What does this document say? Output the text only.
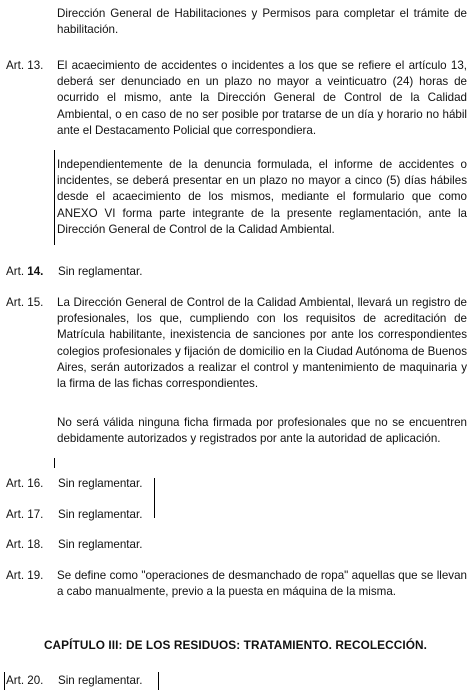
Dirección General de Habilitaciones y Permisos para completar el trámite de habilitación.
Art. 13. El acaecimiento de accidentes o incidentes a los que se refiere el artículo 13, deberá ser denunciado en un plazo no mayor a veinticuatro (24) horas de ocurrido el mismo, ante la Dirección General de Control de la Calidad Ambiental, o en caso de no ser posible por tratarse de un día y horario no hábil ante el Destacamento Policial que correspondiera.
Independientemente de la denuncia formulada, el informe de accidentes o incidentes, se deberá presentar en un plazo no mayor a cinco (5) días hábiles desde el acaecimiento de los mismos, mediante el formulario que como ANEXO VI forma parte integrante de la presente reglamentación, ante la Dirección General de Control de la Calidad Ambiental.
Art. 14. Sin reglamentar.
Art. 15. La Dirección General de Control de la Calidad Ambiental, llevará un registro de profesionales, los que, cumpliendo con los requisitos de acreditación de Matrícula habilitante, inexistencia de sanciones por ante los correspondientes colegios profesionales y fijación de domicilio en la Ciudad Autónoma de Buenos Aires, serán autorizados a realizar el control y mantenimiento de maquinaria y la firma de las fichas correspondientes.
No será válida ninguna ficha firmada por profesionales que no se encuentren debidamente autorizados y registrados por ante la autoridad de aplicación.
Art. 16. Sin reglamentar.
Art. 17. Sin reglamentar.
Art. 18. Sin reglamentar.
Art. 19. Se define como "operaciones de desmanchado de ropa" aquellas que se llevan a cabo manualmente, previo a la puesta en máquina de la misma.
CAPÍTULO III: DE LOS RESIDUOS: TRATAMIENTO. RECOLECCIÓN.
Art. 20. Sin reglamentar.
